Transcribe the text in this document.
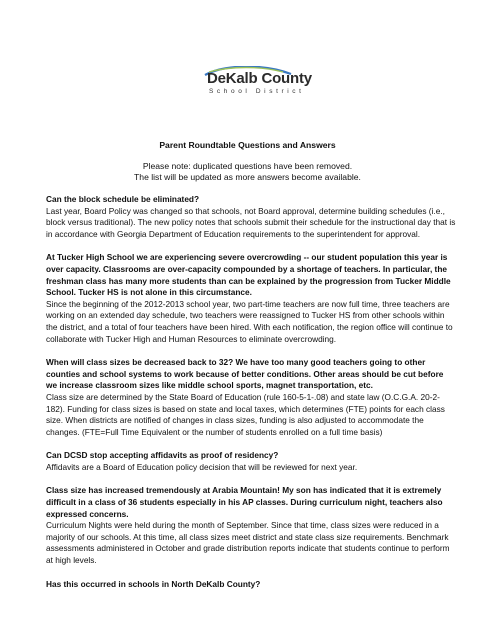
DeKalb County
School District
Parent Roundtable Questions and Answers
Please note: duplicated questions have been removed.
The list will be updated as more answers become available.

Can the block schedule be eliminated?

Last year, Board Policy was changed so that schools, not Board approval, determine building schedules (i.e., block versus traditional). The new policy notes that schools submit their schedule for the instructional day that is in accordance with Georgia Department of Education requirements to the superintendent for approval.

At Tucker High School we are experiencing severe overcrowding -- our student population this year is over capacity. Classrooms are over-capacity compounded by a shortage of teachers. In particular, the freshman class has many more students than can be explained by the progression from Tucker Middle School. Tucker HS is not alone in this circumstance.

Since the beginning of the 2012-2013 school year, two part-time teachers are now full time, three teachers are working on an extended day schedule, two teachers were reassigned to Tucker HS from other schools within the district, and a total of four teachers have been hired. With each notification, the region office will continue to collaborate with Tucker High and Human Resources to eliminate overcrowding.

When will class sizes be decreased back to 32? We have too many good teachers going to other counties and school systems to work because of better conditions. Other areas should be cut before we increase classroom sizes like middle school sports, magnet transportation, etc.

Class size are determined by the State Board of Education (rule 160-5-1-.08) and state law (O.C.G.A. 20-2-182). Funding for class sizes is based on state and local taxes, which determines (FTE) points for each class size. When districts are notified of changes in class sizes, funding is also adjusted to accommodate the changes. (FTE=Full Time Equivalent or the number of students enrolled on a full time basis)

Can DCSD stop accepting affidavits as proof of residency?

Affidavits are a Board of Education policy decision that will be reviewed for next year.

Class size has increased tremendously at Arabia Mountain! My son has indicated that it is extremely difficult in a class of 36 students especially in his AP classes. During curriculum night, teachers also expressed concerns.

Curriculum Nights were held during the month of September. Since that time, class sizes were reduced in a majority of our schools. At this time, all class sizes meet district and state class size requirements. Benchmark assessments administered in October and grade distribution reports indicate that students continue to perform at high levels.

Has this occurred in schools in North DeKalb County?
